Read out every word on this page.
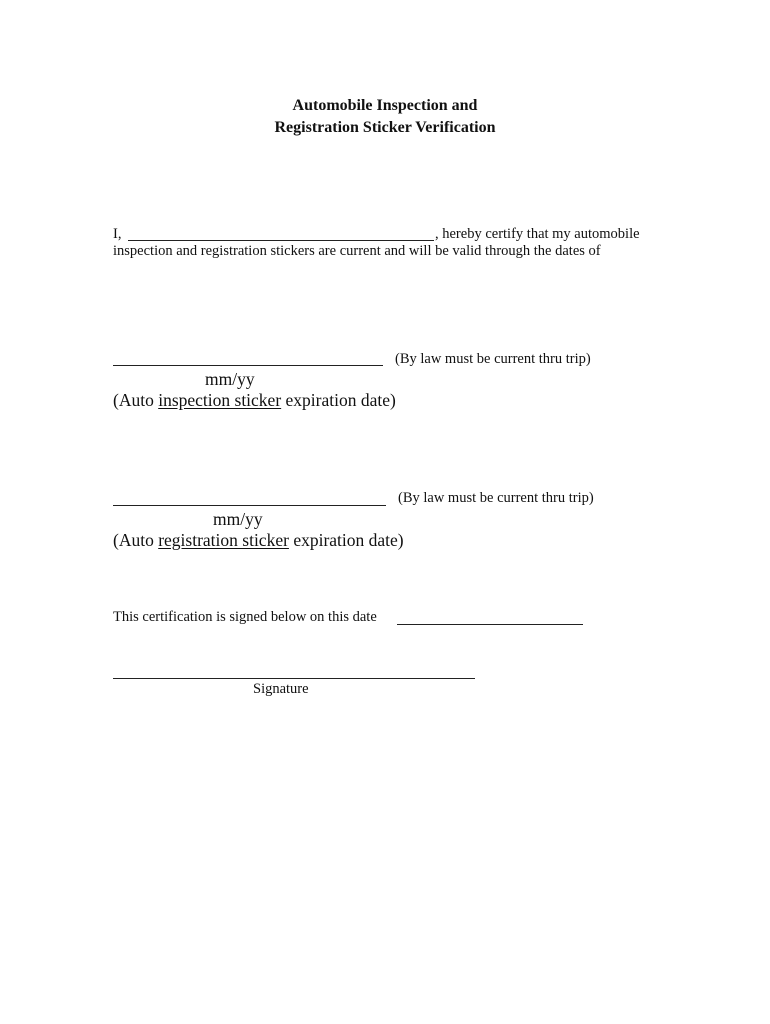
Automobile Inspection and
Registration Sticker Verification
I,	, hereby certify that my automobile
inspection and registration stickers are current and will be valid through the dates of
(By law must be current thru trip)
mm/yy
(Auto inspection sticker expiration date)
(By law must be current thru trip)
mm/yy
(Auto registration sticker expiration date)
This certification is signed below on this date
Signature
